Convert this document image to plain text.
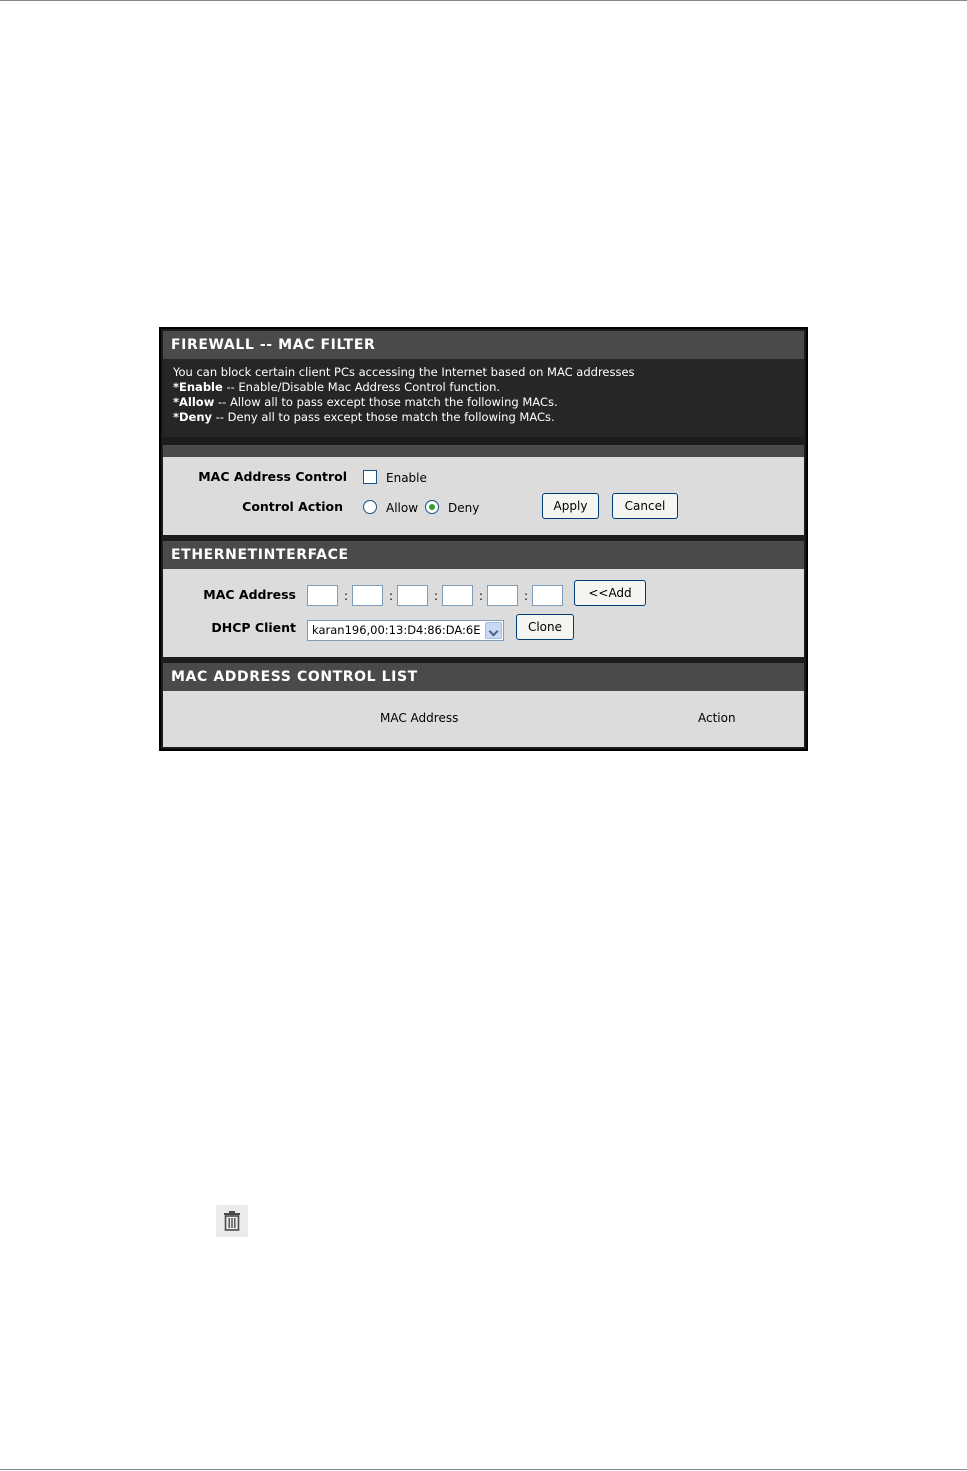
FIREWALL -- MAC FILTER
You can block certain client PCs accessing the Internet based on MAC addresses
*Enable -- Enable/Disable Mac Address Control function.
*Allow -- Allow all to pass except those match the following MACs.
*Deny -- Deny all to pass except those match the following MACs.
MAC Address Control	Enable
Control Action	Allow Deny	Apply	Cancel
ETHERNETINTERFACE
MAC Address	:	:	:	:	:	<<Add
DHCP Client	karan196,00:13:D4:86:DA:6E	Clone
MAC ADDRESS CONTROL LIST
MAC Address	Action
